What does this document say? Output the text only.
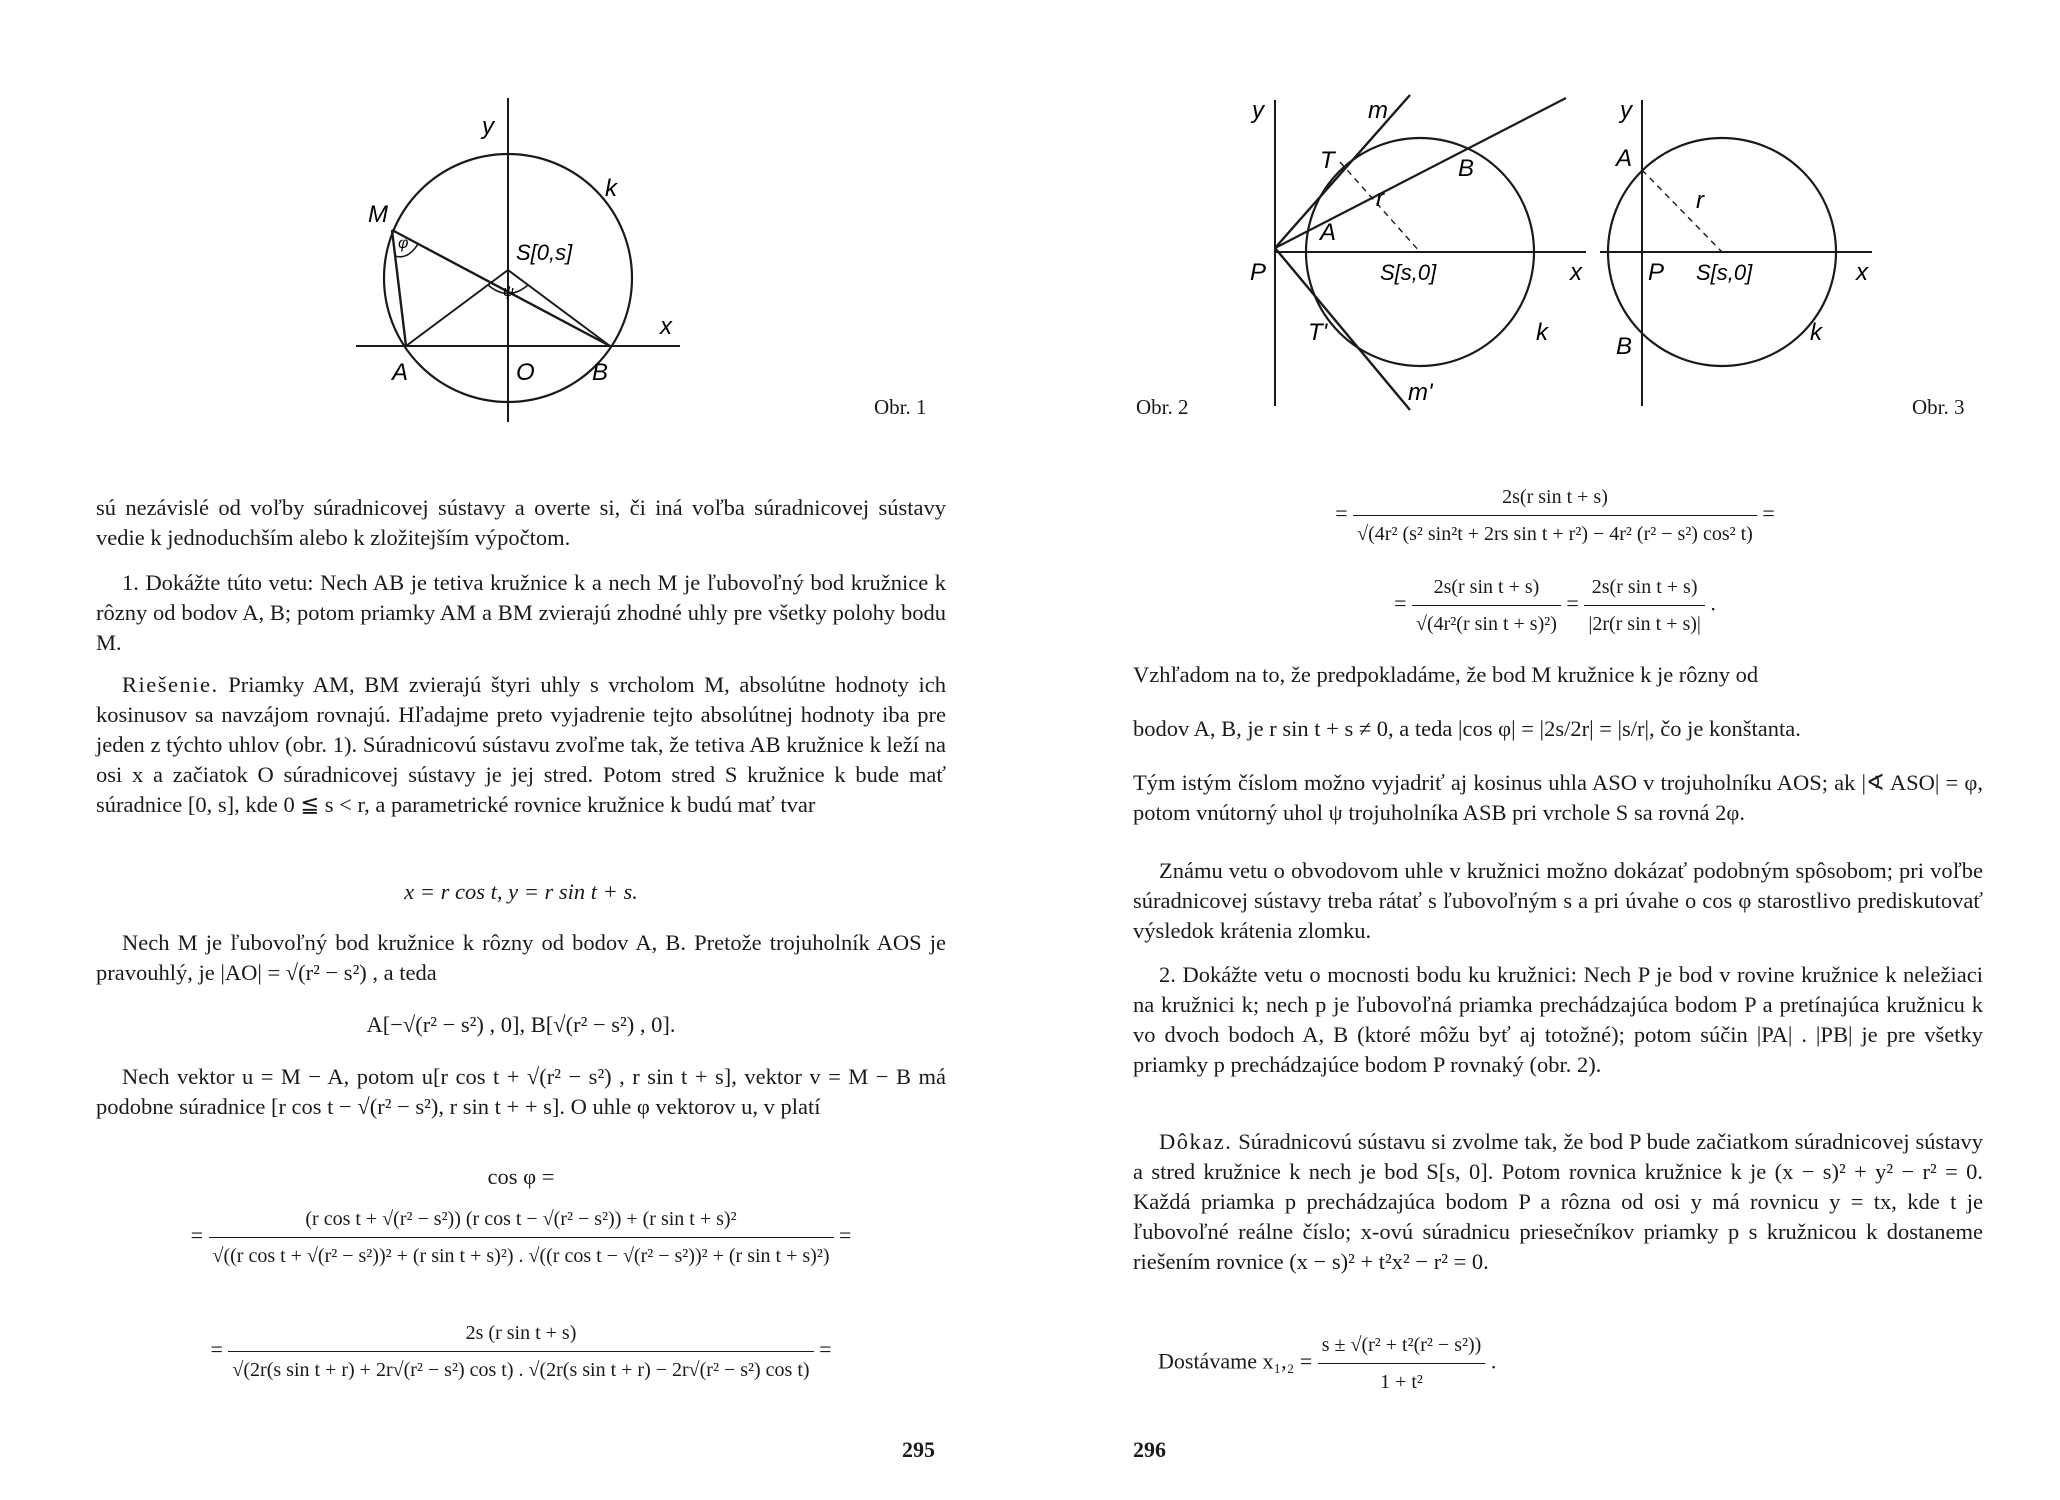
y
k
M
φ	S[0,s]
ψ
x
A	O B
Obr. 1
sú nezávislé od voľby súradnicovej sústavy a overte si, či iná voľba súradnicovej sústavy vedie k jednoduchším alebo k zložitejším výpočtom.
1. Dokážte túto vetu: Nech AB je tetiva kružnice k a nech M je ľubovoľný bod kružnice k rôzny od bodov A, B; potom priamky AM a BM zvierajú zhodné uhly pre všetky polohy bodu M.
Riešenie. Priamky AM, BM zvierajú štyri uhly s vrcholom M, absolútne hodnoty ich kosinusov sa navzájom rovnajú. Hľadajme preto vyjadrenie tejto absolútnej hodnoty iba pre jeden z týchto uhlov (obr. 1). Súradnicovú sústavu zvoľme tak, že tetiva AB kružnice k leží na osi x a začiatok O súradnicovej sústavy je jej stred. Potom stred S kružnice k bude mať súradnice [0, s], kde 0 ≦ s < r, a parametrické rovnice kružnice k budú mať tvar
x = r cos t, y = r sin t + s.
Nech M je ľubovoľný bod kružnice k rôzny od bodov A, B. Pretože trojuholník AOS je pravouhlý, je |AO| = √(r² − s²) , a teda
A[−√(r² − s²) , 0], B[√(r² − s²) , 0].
Nech vektor u = M − A, potom u[r cos t + √(r² − s²) , r sin t + s], vektor v = M − B má podobne súradnice [r cos t − √(r² − s²), r sin t + + s]. O uhle φ vektorov u, v platí
cos φ =
=
(r cos t + √(r² − s²)) (r cos t − √(r² − s²)) + (r sin t + s)²
√((r cos t + √(r² − s²))² + (r sin t + s)²) . √((r cos t − √(r² − s²))² + (r sin t + s)²)
=
=
2s (r sin t + s)
√(2r(s sin t + r) + 2r√(r² − s²) cos t) . √(2r(s sin t + r) − 2r√(r² − s²) cos t)
=
295
y	m
T	B
r
A
P	S[s,0]	x
T'	k
m'
Obr. 2
y
A
r
P S[s,0]	x
B
k
Obr. 3
= $\frac{\text{2s(r sin t + s)}}{\text{√(4r² (s² sin²t + 2rs sin t + r²) − 4r² (r² − s²) cos² t)}}$ =
= $\frac{\text{2s(r sin t + s)}}{\text{√(4r²(r sin t + s)²)}} = \frac{\text{2s(r sin t + s)}}{\text{|2r(r sin t + s)|}}$ .
Vzhľadom na to, že predpokladáme, že bod M kružnice k je rôzny od
bodov A, B, je r sin t + s ≠ 0, a teda |cos φ| = |2s/2r| = |s/r|, čo je konštanta.
Tým istým číslom možno vyjadriť aj kosinus uhla ASO v trojuholníku AOS; ak |∢ ASO| = φ, potom vnútorný uhol ψ trojuholníka ASB pri vrchole S sa rovná 2φ.
Známu vetu o obvodovom uhle v kružnici možno dokázať podobným spôsobom; pri voľbe súradnicovej sústavy treba rátať s ľubovoľným s a pri úvahe o cos φ starostlivo prediskutovať výsledok krátenia zlomku.
2. Dokážte vetu o mocnosti bodu ku kružnici: Nech P je bod v rovine kružnice k neležiaci na kružnici k; nech p je ľubovoľná priamka prechádzajúca bodom P a pretínajúca kružnicu k vo dvoch bodoch A, B (ktoré môžu byť aj totožné); potom súčin |PA| . |PB| je pre všetky priamky p prechádzajúce bodom P rovnaký (obr. 2).
Dôkaz. Súradnicovú sústavu si zvolme tak, že bod P bude začiatkom súradnicovej sústavy a stred kružnice k nech je bod S[s, 0]. Potom rovnica kružnice k je (x − s)² + y² − r² = 0. Každá priamka p prechádzajúca bodom P a rôzna od osi y má rovnicu y = tx, kde t je ľubovoľné reálne číslo; x-ovú súradnicu priesečníkov priamky p s kružnicou k dostaneme riešením rovnice (x − s)² + t²x² − r² = 0.
Dostávame $x_1,_2 = \frac{\text{s ± √(r² + t²(r² − s²))}}{\text{1 + t²}}$ .
296
